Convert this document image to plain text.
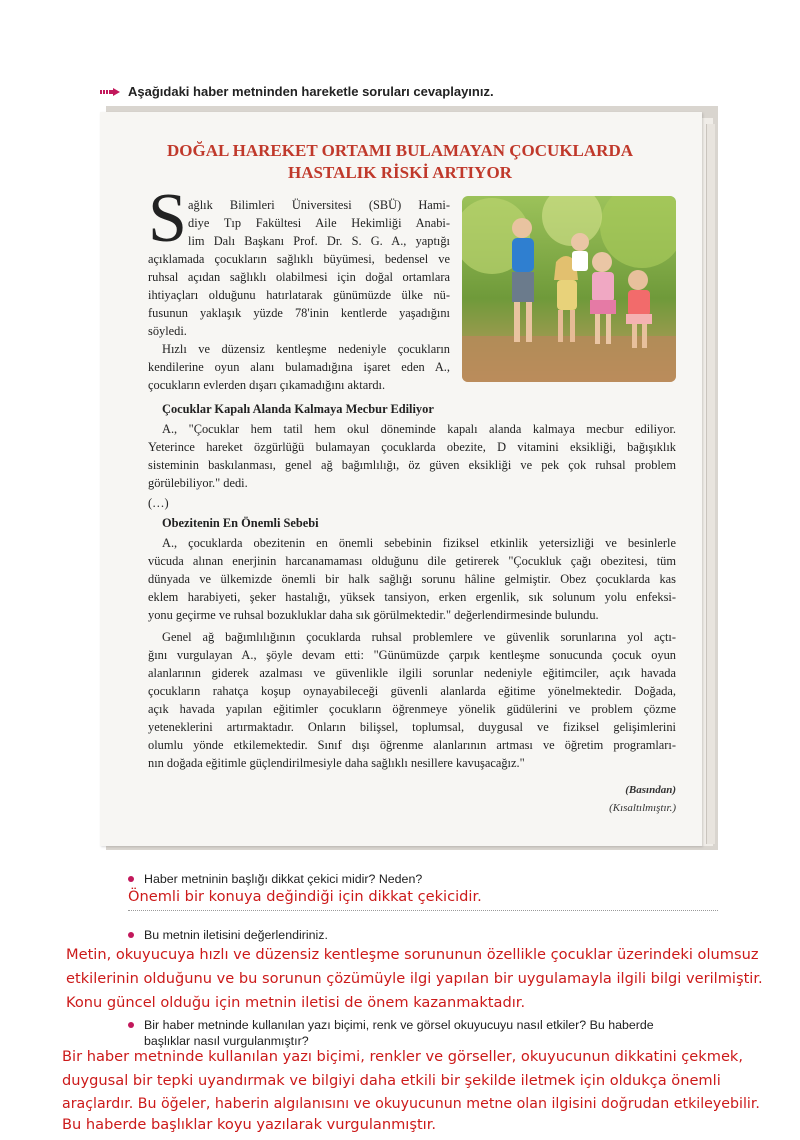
Aşağıdaki haber metninden hareketle soruları cevaplayınız.
DOĞAL HAREKET ORTAMI BULAMAYAN ÇOCUKLARDA
HASTALIK RİSKİ ARTIYOR
S ağlık Bilimleri Üniversitesi (SBÜ) Hami-
diye Tıp Fakültesi Aile Hekimliği Anabi-
lim Dalı Başkanı Prof. Dr. S. G. A., yaptığı
açıklamada çocukların sağlıklı büyümesi, bedensel ve
ruhsal açıdan sağlıklı olabilmesi için doğal ortamlara
ihtiyaçları olduğunu hatırlatarak günümüzde ülke nü-
fusunun yaklaşık yüzde 78'inin kentlerde yaşadığını
söyledi.
Hızlı ve düzensiz kentleşme nedeniyle çocukların
kendilerine oyun alanı bulamadığına işaret eden A.,
çocukların evlerden dışarı çıkamadığını aktardı.
Çocuklar Kapalı Alanda Kalmaya Mecbur Ediliyor
A., "Çocuklar hem tatil hem okul döneminde kapalı alanda kalmaya mecbur ediliyor.
Yeterince hareket özgürlüğü bulamayan çocuklarda obezite, D vitamini eksikliği, bağışıklık
sisteminin baskılanması, genel ağ bağımlılığı, öz güven eksikliği ve pek çok ruhsal problem
görülebiliyor." dedi.
(…)
Obezitenin En Önemli Sebebi
A., çocuklarda obezitenin en önemli sebebinin fiziksel etkinlik yetersizliği ve besinlerle
vücuda alınan enerjinin harcanamaması olduğunu dile getirerek "Çocukluk çağı obezitesi, tüm
dünyada ve ülkemizde önemli bir halk sağlığı sorunu hâline gelmiştir. Obez çocuklarda kas
eklem harabiyeti, şeker hastalığı, yüksek tansiyon, erken ergenlik, sık solunum yolu enfeksi-
yonu geçirme ve ruhsal bozukluklar daha sık görülmektedir." değerlendirmesinde bulundu.
Genel ağ bağımlılığının çocuklarda ruhsal problemlere ve güvenlik sorunlarına yol açtı-
ğını vurgulayan A., şöyle devam etti: "Günümüzde çarpık kentleşme sonucunda çocuk oyun
alanlarının giderek azalması ve güvenlikle ilgili sorunlar nedeniyle eğitimciler, açık havada
çocukların rahatça koşup oynayabileceği güvenli alanlarda eğitime yönelmektedir. Doğada,
açık havada yapılan eğitimler çocukların öğrenmeye yönelik güdülerini ve problem çözme
yeteneklerini artırmaktadır. Onların bilişsel, toplumsal, duygusal ve fiziksel gelişimlerini
olumlu yönde etkilemektedir. Sınıf dışı öğrenme alanlarının artması ve öğretim programları-
nın doğada eğitimle güçlendirilmesiyle daha sağlıklı nesillere kavuşacağız."
(Basından)
(Kısaltılmıştır.)
Haber metninin başlığı dikkat çekici midir? Neden?
Önemli bir konuya değindiği için dikkat çekicidir.
Bu metnin iletisini değerlendiriniz.
Metin, okuyucuya hızlı ve düzensiz kentleşme sorununun özellikle çocuklar üzerindeki olumsuz
etkilerinin olduğunu ve bu sorunun çözümüyle ilgi yapılan bir uygulamayla ilgili bilgi verilmiştir.
Konu güncel olduğu için metnin iletisi de önem kazanmaktadır.
Bir haber metninde kullanılan yazı biçimi, renk ve görsel okuyucuyu nasıl etkiler? Bu haberde
başlıklar nasıl vurgulanmıştır?
Bir haber metninde kullanılan yazı biçimi, renkler ve görseller, okuyucunun dikkatini çekmek,
duygusal bir tepki uyandırmak ve bilgiyi daha etkili bir şekilde iletmek için oldukça önemli
araçlardır. Bu öğeler, haberin algılanısını ve okuyucunun metne olan ilgisini doğrudan etkileyebilir.
Bu haberde başlıklar koyu yazılarak vurgulanmıştır.
